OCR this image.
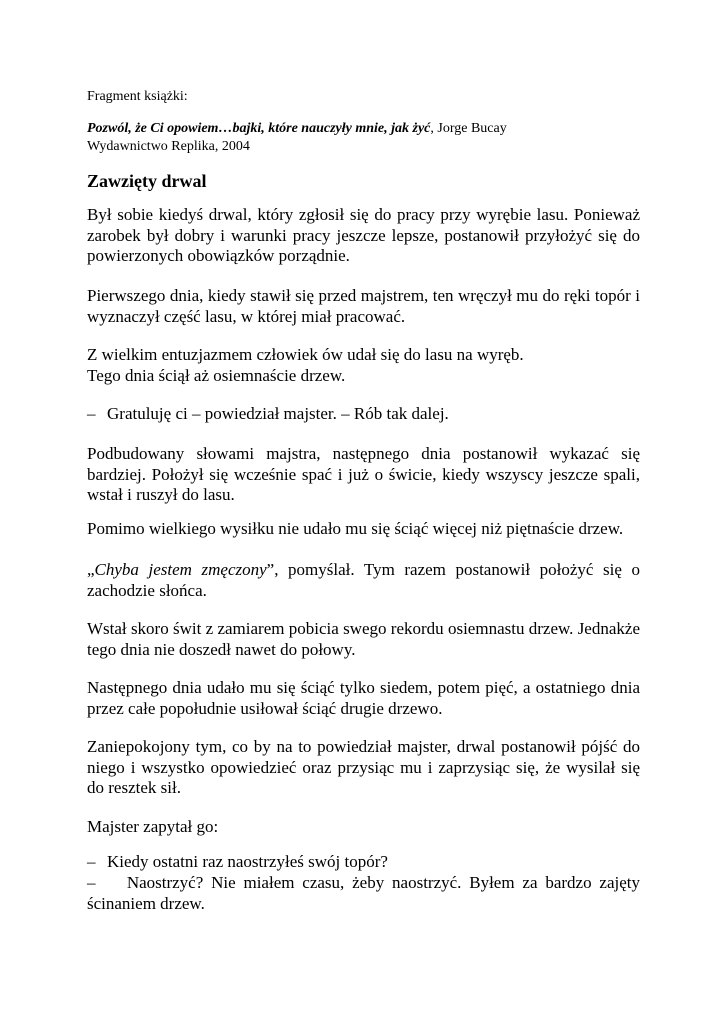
Fragment książki:
Pozwól, że Ci opowiem…bajki, które nauczyły mnie, jak żyć, Jorge Bucay
Wydawnictwo Replika, 2004
Zawzięty drwal

Był sobie kiedyś drwal, który zgłosił się do pracy przy wyrębie lasu. Ponieważ zarobek był dobry i warunki pracy jeszcze lepsze, postanowił przyłożyć się do powierzonych obowiązków porządnie.

Pierwszego dnia, kiedy stawił się przed majstrem, ten wręczył mu do ręki topór i wyznaczył część lasu, w której miał pracować.

Z wielkim entuzjazmem człowiek ów udał się do lasu na wyręb.
Tego dnia ściął aż osiemnaście drzew.

– Gratuluję ci – powiedział majster. – Rób tak dalej.

Podbudowany słowami majstra, następnego dnia postanowił wykazać się bardziej. Położył się wcześnie spać i już o świcie, kiedy wszyscy jeszcze spali, wstał i ruszył do lasu.

Pomimo wielkiego wysiłku nie udało mu się ściąć więcej niż piętnaście drzew.

„Chyba jestem zmęczony”, pomyślał. Tym razem postanowił położyć się o zachodzie słońca.

Wstał skoro świt z zamiarem pobicia swego rekordu osiemnastu drzew. Jednakże tego dnia nie doszedł nawet do połowy.

Następnego dnia udało mu się ściąć tylko siedem, potem pięć, a ostatniego dnia przez całe popołudnie usiłował ściąć drugie drzewo.

Zaniepokojony tym, co by na to powiedział majster, drwal postanowił pójść do niego i wszystko opowiedzieć oraz przysiąc mu i zaprzysiąc się, że wysilał się do resztek sił.

Majster zapytał go:

– Kiedy ostatni raz naostrzyłeś swój topór?

– Naostrzyć? Nie miałem czasu, żeby naostrzyć. Byłem za bardzo zajęty ścinaniem drzew.
